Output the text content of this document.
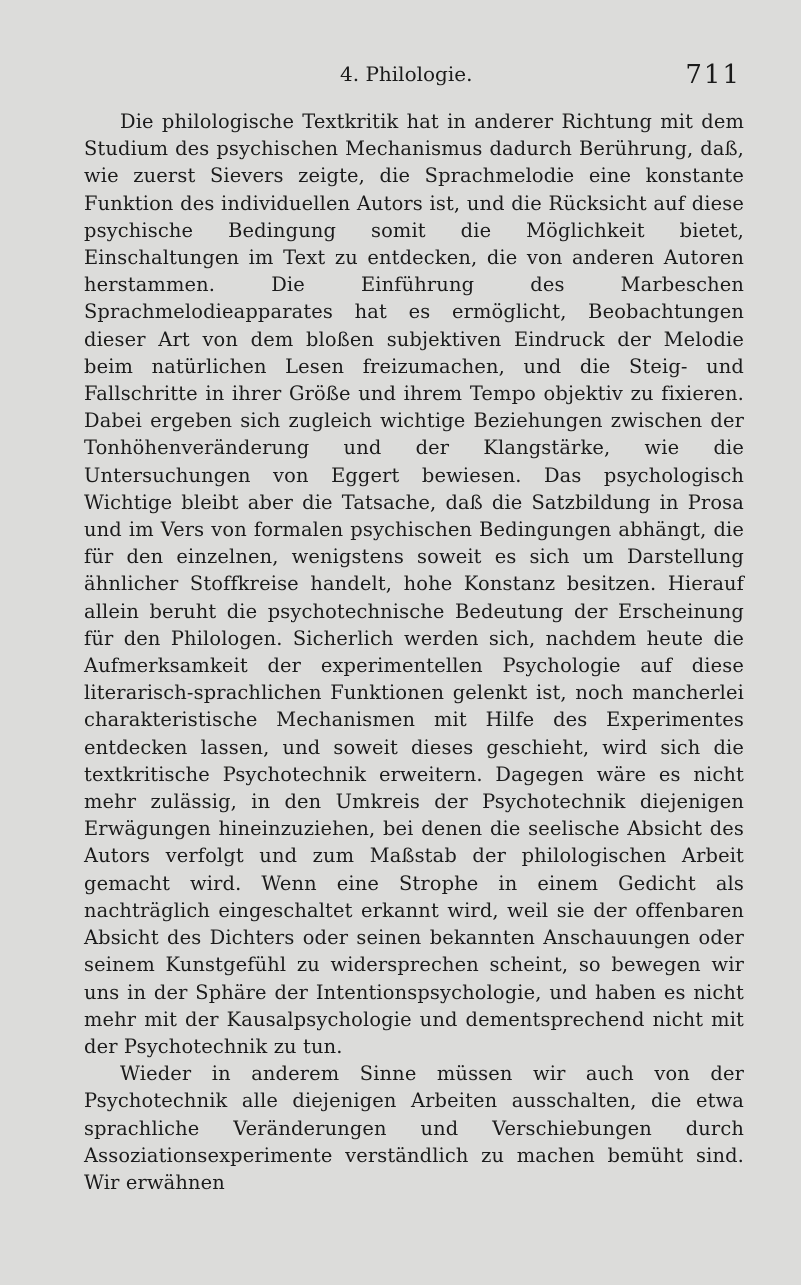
4. Philologie.	711

Die philologische Textkritik hat in anderer Richtung mit dem Studium des psychischen Mechanismus dadurch Berührung, daß, wie zuerst Sievers zeigte, die Sprachmelodie eine konstante Funktion des individuellen Autors ist, und die Rücksicht auf diese psychische Bedingung somit die Möglichkeit bietet, Einschaltungen im Text zu entdecken, die von anderen Autoren herstammen. Die Einführung des Marbeschen Sprachmelodieapparates hat es ermöglicht, Beobachtungen dieser Art von dem bloßen subjektiven Eindruck der Melodie beim natürlichen Lesen freizumachen, und die Steig- und Fallschritte in ihrer Größe und ihrem Tempo objektiv zu fixieren. Dabei ergeben sich zugleich wichtige Beziehungen zwischen der Tonhöhenveränderung und der Klangstärke, wie die Untersuchungen von Eggert bewiesen. Das psychologisch Wichtige bleibt aber die Tatsache, daß die Satzbildung in Prosa und im Vers von formalen psychischen Bedingungen abhängt, die für den einzelnen, wenigstens soweit es sich um Darstellung ähnlicher Stoffkreise handelt, hohe Konstanz besitzen. Hierauf allein beruht die psychotechnische Bedeutung der Erscheinung für den Philologen. Sicherlich werden sich, nachdem heute die Aufmerksamkeit der experimentellen Psychologie auf diese literarisch-sprachlichen Funktionen gelenkt ist, noch mancherlei charakteristische Mechanismen mit Hilfe des Experimentes entdecken lassen, und soweit dieses geschieht, wird sich die textkritische Psychotechnik erweitern. Dagegen wäre es nicht mehr zulässig, in den Umkreis der Psychotechnik diejenigen Erwägungen hineinzuziehen, bei denen die seelische Absicht des Autors verfolgt und zum Maßstab der philologischen Arbeit gemacht wird. Wenn eine Strophe in einem Gedicht als nachträglich eingeschaltet erkannt wird, weil sie der offenbaren Absicht des Dichters oder seinen bekannten Anschauungen oder seinem Kunstgefühl zu widersprechen scheint, so bewegen wir uns in der Sphäre der Intentionspsychologie, und haben es nicht mehr mit der Kausalpsychologie und dementsprechend nicht mit der Psychotechnik zu tun.

Wieder in anderem Sinne müssen wir auch von der Psychotechnik alle diejenigen Arbeiten ausschalten, die etwa sprachliche Veränderungen und Verschiebungen durch Assoziationsexperimente verständlich zu machen bemüht sind. Wir erwähnen
